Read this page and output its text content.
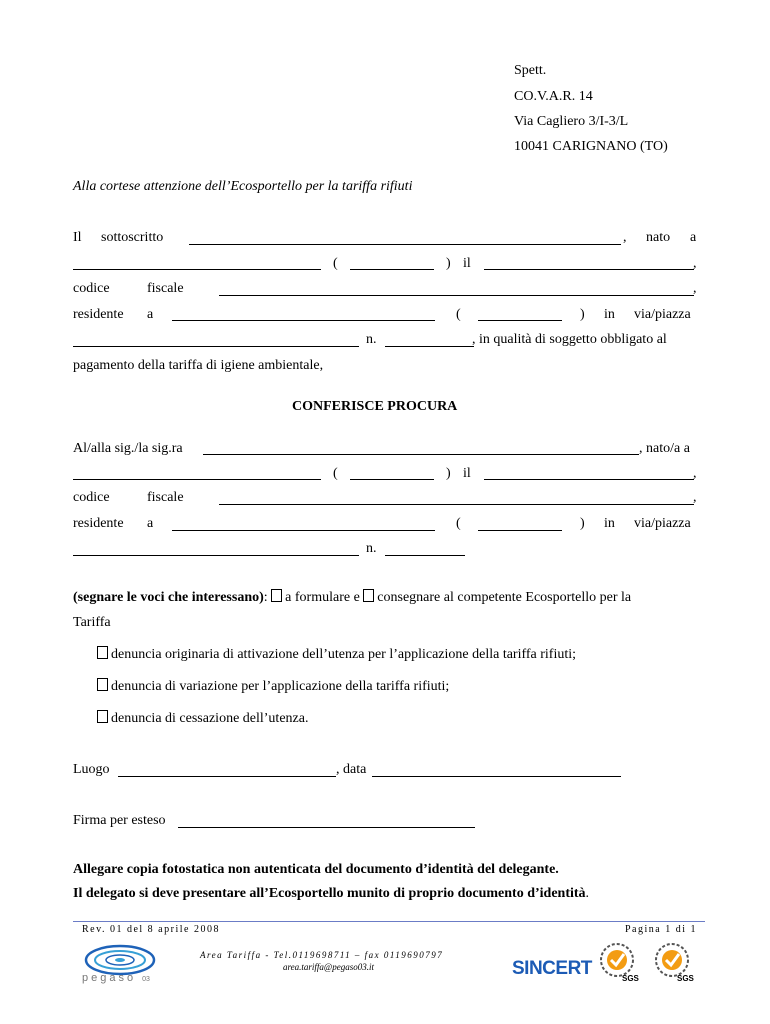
Spett.
CO.V.A.R. 14
Via Cagliero 3/I-3/L
10041 CARIGNANO (TO)
Alla cortese attenzione dell’Ecosportello per la tariffa rifiuti
Il sottoscritto	, nato a
(	) il	,
codice	fiscale	,
residente a	(	) in via/piazza
n.	, in qualità di soggetto obbligato al
pagamento della tariffa di igiene ambientale,
CONFERISCE PROCURA
Al/alla sig./la sig.ra	, nato/a a
(	) il	,
codice	fiscale	,
residente a	(	) in via/piazza
n.
(segnare le voci che interessano): a formulare e consegnare al competente Ecosportello per la
Tariffa
denuncia originaria di attivazione dell’utenza per l’applicazione della tariffa rifiuti;
denuncia di variazione per l’applicazione della tariffa rifiuti;
denuncia di cessazione dell’utenza.
Luogo	, data
Firma per esteso
Allegare copia fotostatica non autenticata del documento d’identità del delegante.
Il delegato si deve presentare all’Ecosportello munito di proprio documento d’identità.
Rev. 01 del 8 aprile 2008	Pagina 1 di 1
pegaso 03
Area Tariffa - Tel.0119698711 – fax 0119690797
area.tariffa@pegaso03.it	SINCERT	SGS	SGS
